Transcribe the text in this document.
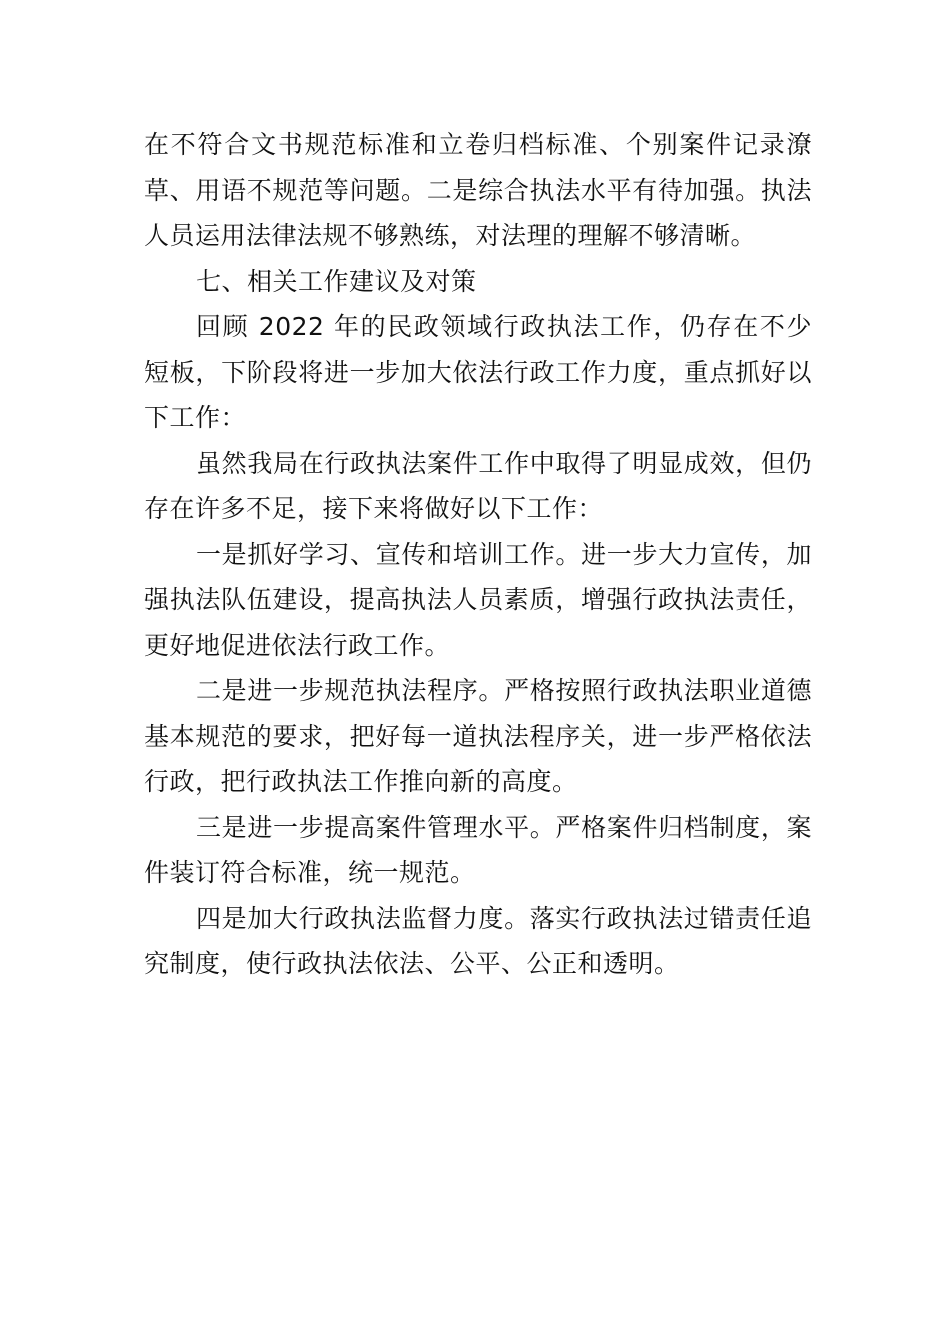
在不符合文书规范标准和立卷归档标准、个别案件记录潦草、用语不规范等问题。二是综合执法水平有待加强。执法人员运用法律法规不够熟练，对法理的理解不够清晰。

七、相关工作建议及对策

回顾 2022 年的民政领域行政执法工作，仍存在不少短板，下阶段将进一步加大依法行政工作力度，重点抓好以下工作：

虽然我局在行政执法案件工作中取得了明显成效，但仍存在许多不足，接下来将做好以下工作：

一是抓好学习、宣传和培训工作。进一步大力宣传，加强执法队伍建设，提高执法人员素质，增强行政执法责任， 更好地促进依法行政工作。

二是进一步规范执法程序。严格按照行政执法职业道德基本规范的要求，把好每一道执法程序关，进一步严格依法行政，把行政执法工作推向新的高度。

三是进一步提高案件管理水平。严格案件归档制度，案件装订符合标准，统一规范。

四是加大行政执法监督力度。落实行政执法过错责任追究制度，使行政执法依法、公平、公正和透明。
